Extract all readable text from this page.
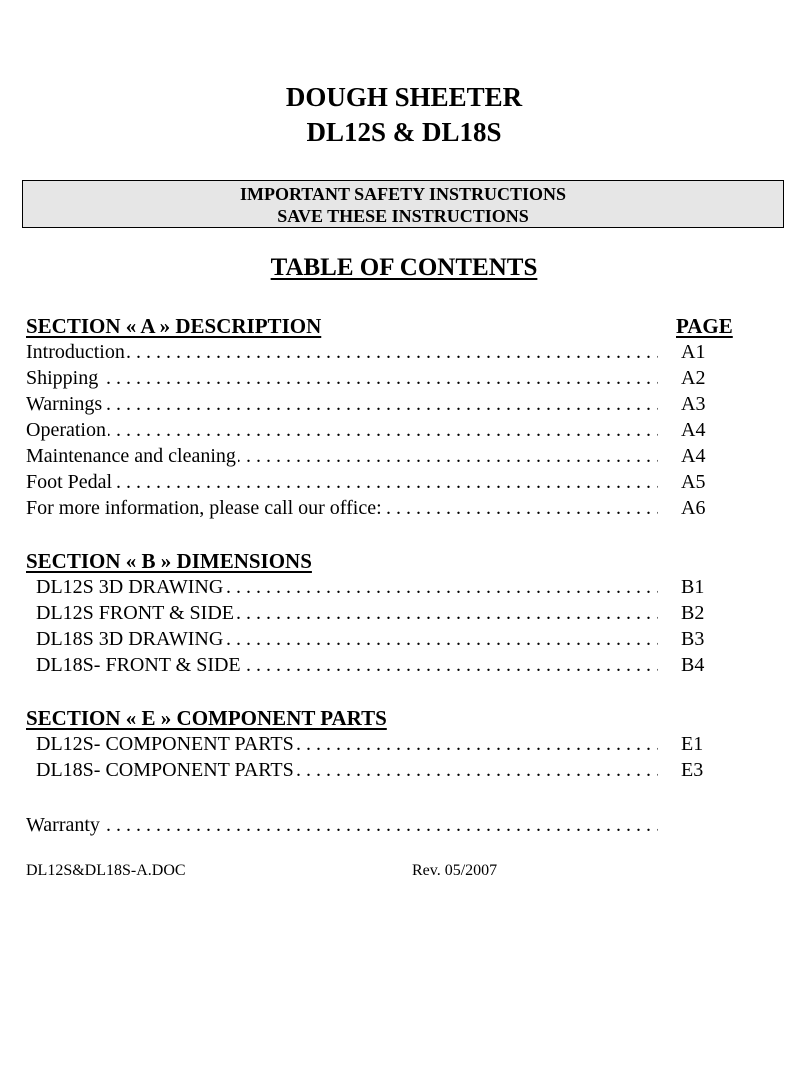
DOUGH SHEETER
DL12S & DL18S
IMPORTANT SAFETY INSTRUCTIONS
SAVE THESE INSTRUCTIONS
TABLE OF CONTENTS
SECTION « A » DESCRIPTION	PAGE
. . .
Introduction	A1
. . .
Shipping	A2
. . .
Warnings	A3
. . .
Operation	A4
. . .
Maintenance and cleaning	A4
. . .
Foot Pedal	A5
. . .
For more information, please call our office:	A6
SECTION « B » DIMENSIONS
. . .
DL12S 3D DRAWING	B1
. . .
DL12S FRONT & SIDE	B2
. . .
DL18S 3D DRAWING	B3
. . .
DL18S- FRONT & SIDE	B4
SECTION « E » COMPONENT PARTS
. . .
DL12S- COMPONENT PARTS	E1
. . .
DL18S- COMPONENT PARTS	E3
. . .
Warranty
DL12S&DL18S-A.DOC	Rev. 05/2007
